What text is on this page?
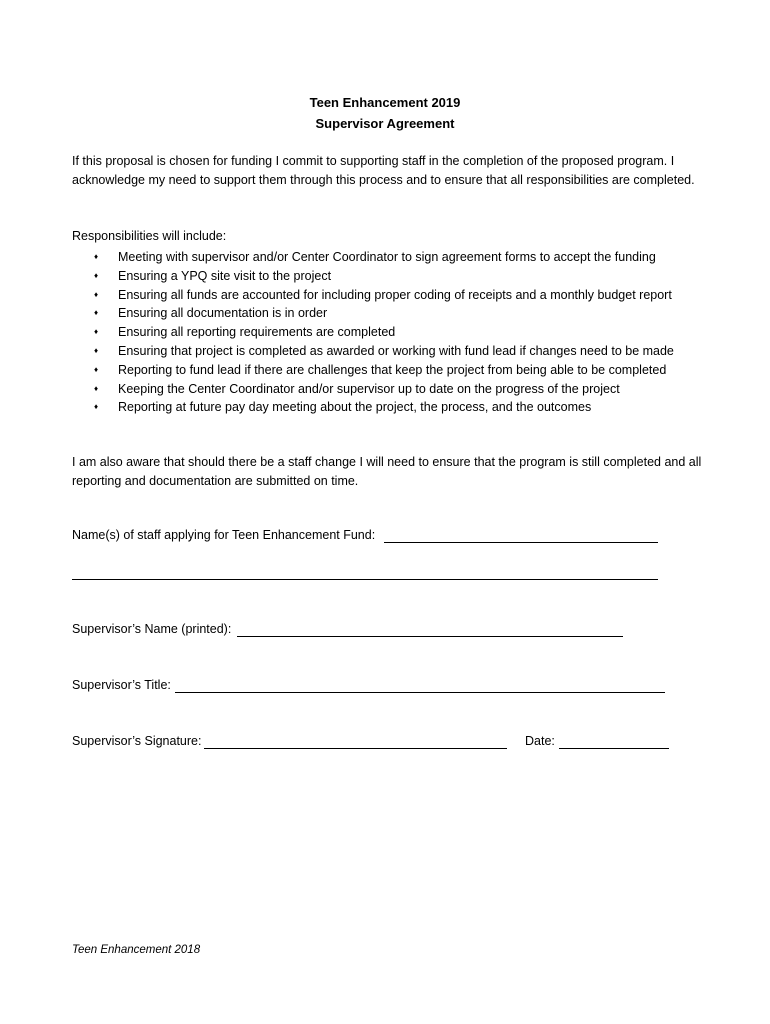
Teen Enhancement 2019
Supervisor Agreement
If this proposal is chosen for funding I commit to supporting staff in the completion of the proposed program. I acknowledge my need to support them through this process and to ensure that all responsibilities are completed.
Responsibilities will include:
♦ Meeting with supervisor and/or Center Coordinator to sign agreement forms to accept the funding
♦ Ensuring a YPQ site visit to the project
♦ Ensuring all funds are accounted for including proper coding of receipts and a monthly budget report
♦ Ensuring all documentation is in order
♦ Ensuring all reporting requirements are completed
♦ Ensuring that project is completed as awarded or working with fund lead if changes need to be made
♦ Reporting to fund lead if there are challenges that keep the project from being able to be completed
♦ Keeping the Center Coordinator and/or supervisor up to date on the progress of the project
♦ Reporting at future pay day meeting about the project, the process, and the outcomes
I am also aware that should there be a staff change I will need to ensure that the program is still completed and all reporting and documentation are submitted on time.
Name(s) of staff applying for Teen Enhancement Fund:
Supervisor’s Name (printed):
Supervisor’s Title:
Supervisor’s Signature:	Date:
Teen Enhancement 2018
